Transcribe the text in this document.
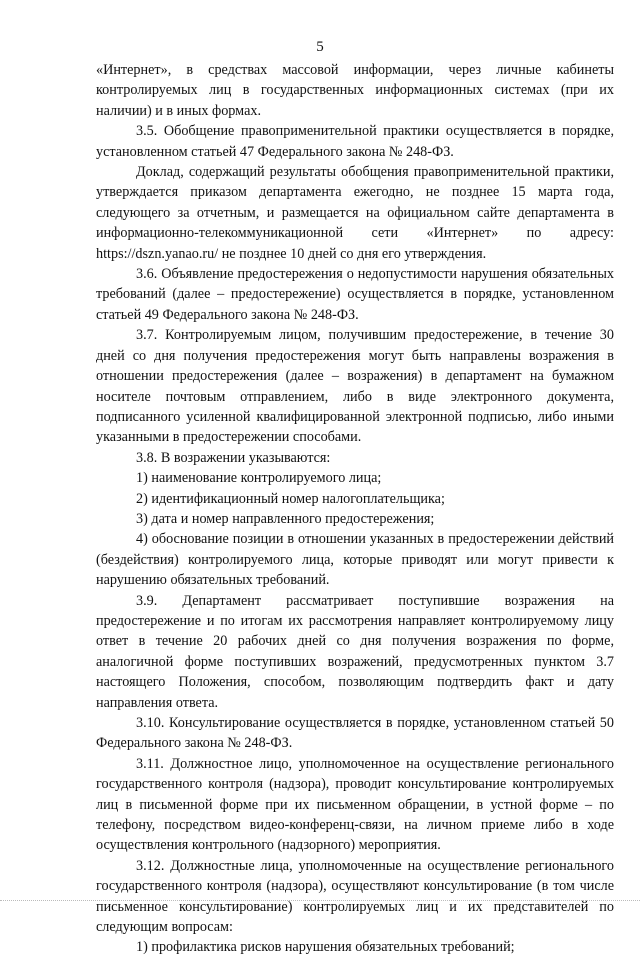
5

«Интернет», в средствах массовой информации, через личные кабинеты контролируемых лиц в государственных информационных системах (при их наличии) и в иных формах.

3.5. Обобщение правоприменительной практики осуществляется в порядке, установленном статьей 47 Федерального закона № 248-ФЗ.

Доклад, содержащий результаты обобщения правоприменительной практики, утверждается приказом департамента ежегодно, не позднее 15 марта года, следующего за отчетным, и размещается на официальном сайте департамента в информационно-телекоммуникационной сети «Интернет» по адресу: https://dszn.yanao.ru/ не позднее 10 дней со дня его утверждения.

3.6. Объявление предостережения о недопустимости нарушения обязательных требований (далее – предостережение) осуществляется в порядке, установленном статьей 49 Федерального закона № 248-ФЗ.

3.7. Контролируемым лицом, получившим предостережение, в течение 30 дней со дня получения предостережения могут быть направлены возражения в отношении предостережения (далее – возражения) в департамент на бумажном носителе почтовым отправлением, либо в виде электронного документа, подписанного усиленной квалифицированной электронной подписью, либо иными указанными в предостережении способами.

3.8. В возражении указываются:

1) наименование контролируемого лица;

2) идентификационный номер налогоплательщика;

3) дата и номер направленного предостережения;

4) обоснование позиции в отношении указанных в предостережении действий (бездействия) контролируемого лица, которые приводят или могут привести к нарушению обязательных требований.

3.9. Департамент рассматривает поступившие возражения на предостережение и по итогам их рассмотрения направляет контролируемому лицу ответ в течение 20 рабочих дней со дня получения возражения по форме, аналогичной форме поступивших возражений, предусмотренных пунктом 3.7 настоящего Положения, способом, позволяющим подтвердить факт и дату направления ответа.

3.10. Консультирование осуществляется в порядке, установленном статьей 50 Федерального закона № 248-ФЗ.

3.11. Должностное лицо, уполномоченное на осуществление регионального государственного контроля (надзора), проводит консультирование контролируемых лиц в письменной форме при их письменном обращении, в устной форме – по телефону, посредством видео-конференц-связи, на личном приеме либо в ходе осуществления контрольного (надзорного) мероприятия.

3.12. Должностные лица, уполномоченные на осуществление регионального государственного контроля (надзора), осуществляют консультирование (в том числе письменное консультирование) контролируемых лиц и их представителей по следующим вопросам:

1) профилактика рисков нарушения обязательных требований;
